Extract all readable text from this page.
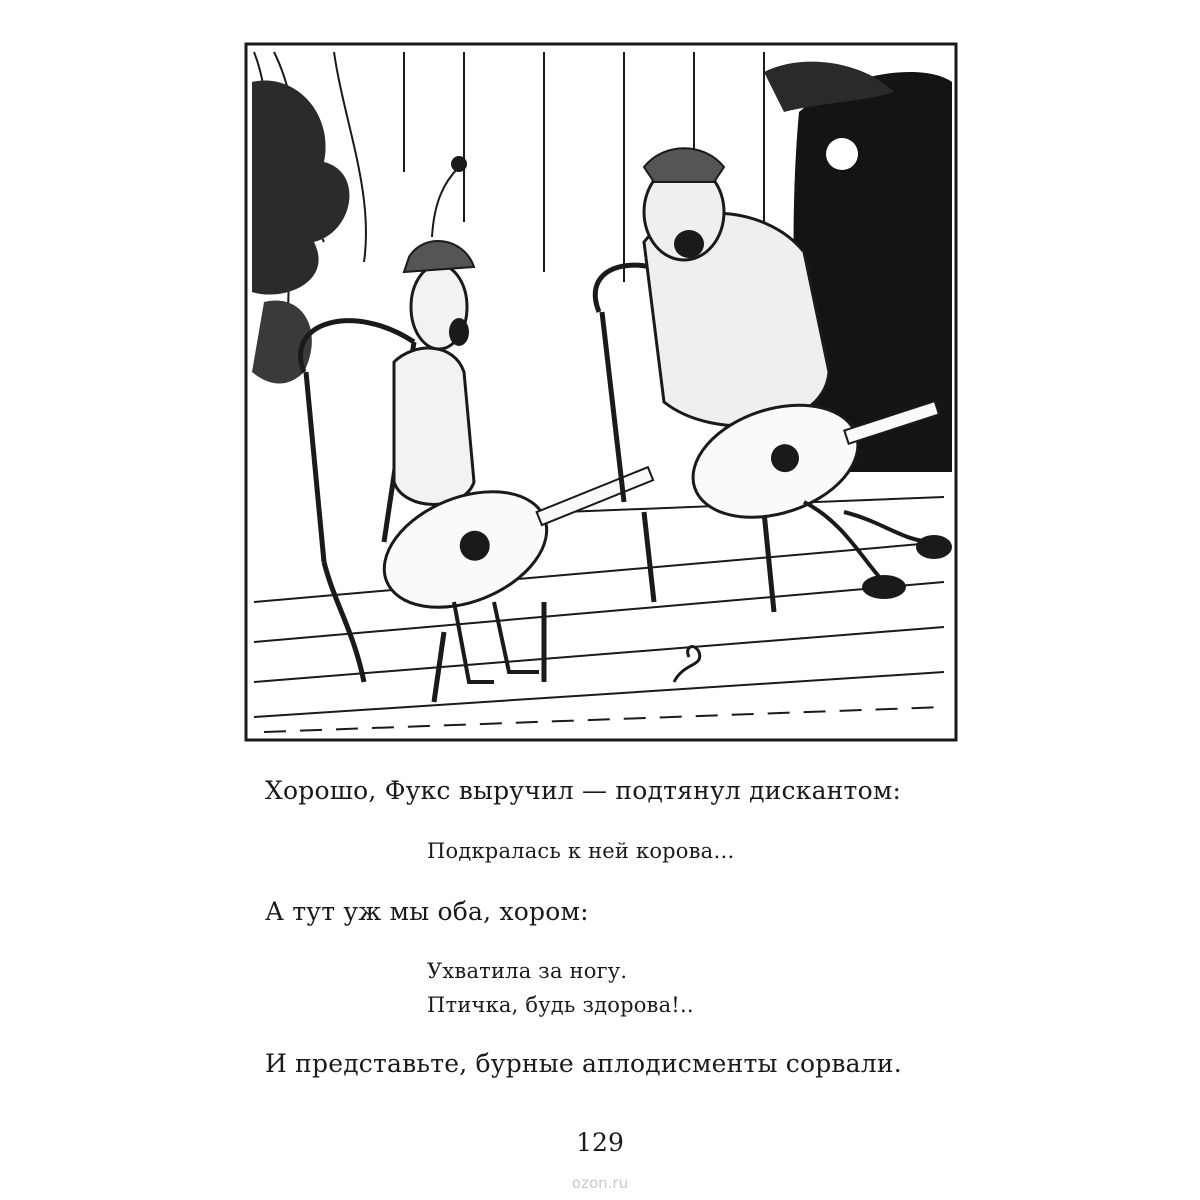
Хорошо, Фукс выручил — подтянул дискантом:
Подкралась к ней корова…
А тут уж мы оба, хором:
Ухватила за ногу.
Птичка, будь здорова!..
И представьте, бурные аплодисменты сорвали.
129
ozon.ru
